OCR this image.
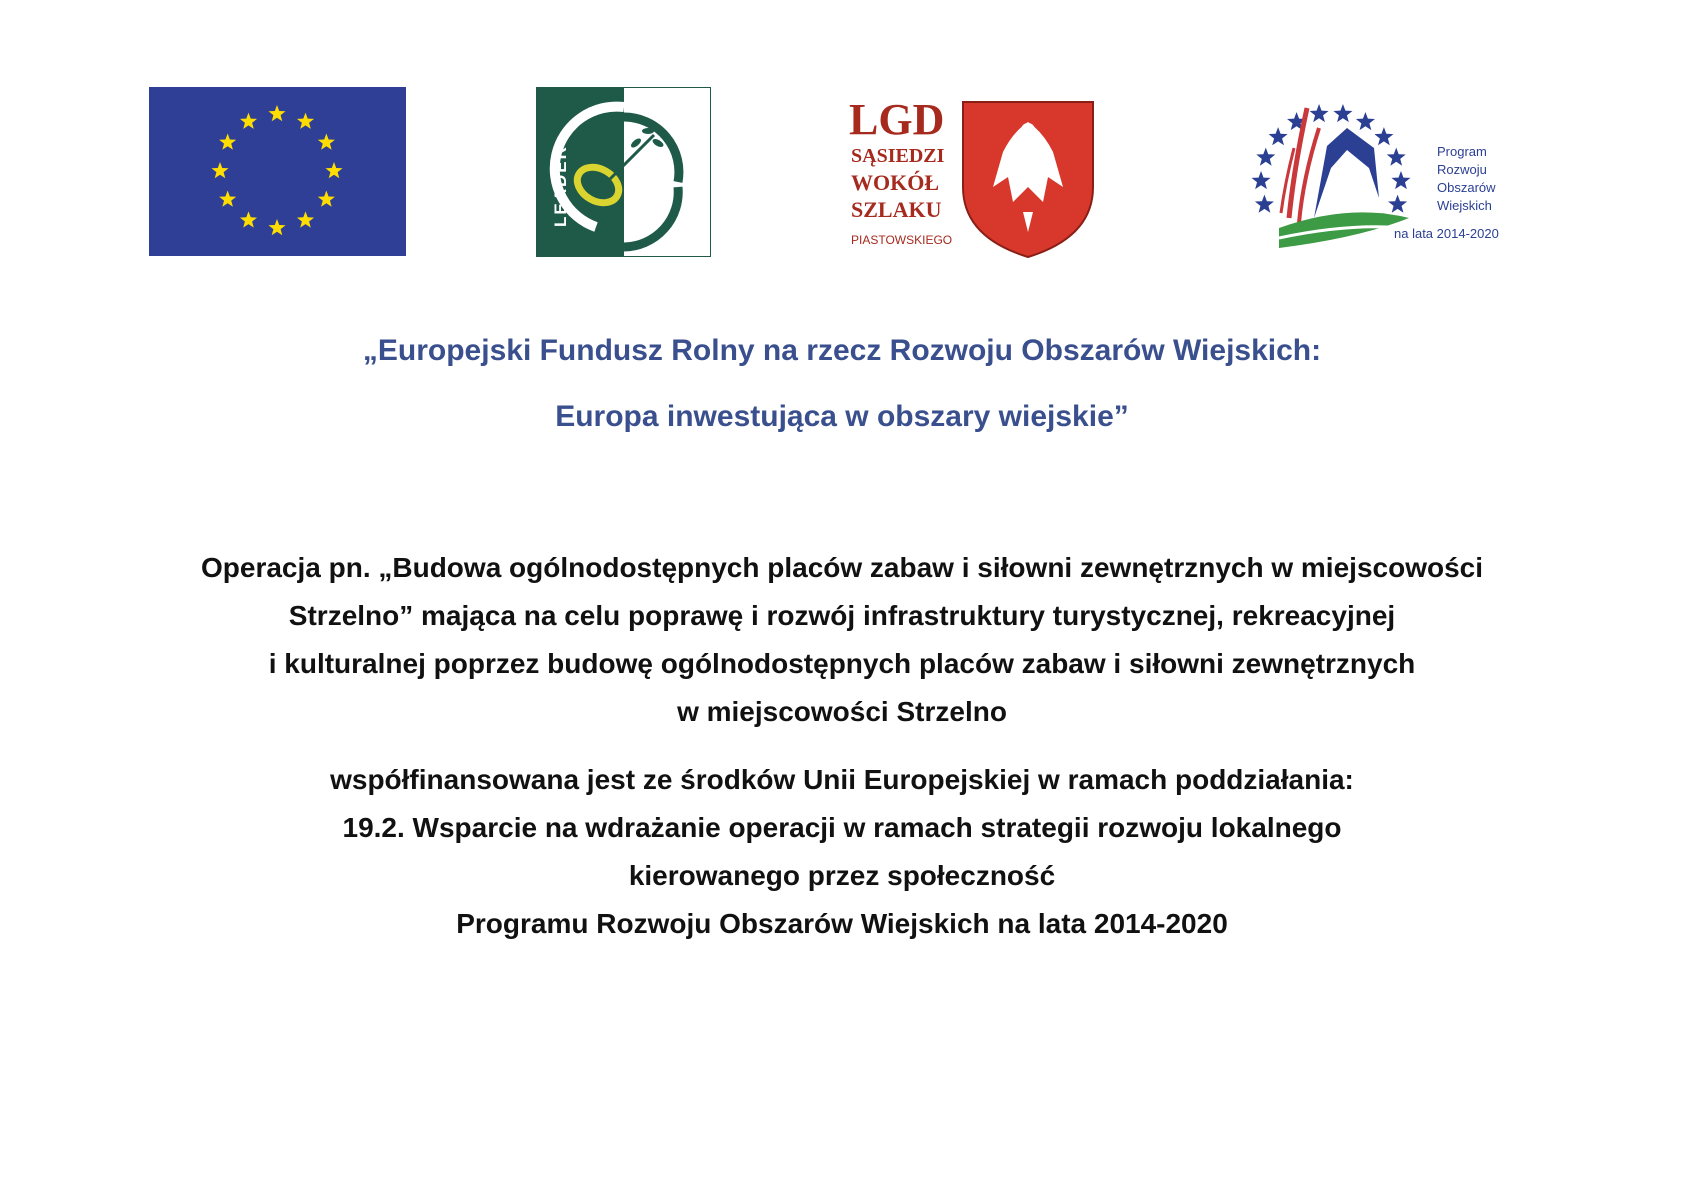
LEADER
LGD
SĄSIEDZI
WOKÓŁ
SZLAKU
PIASTOWSKIEGO
Program
Rozwoju
Obszarów
Wiejskich
na lata 2014-2020
„Europejski Fundusz Rolny na rzecz Rozwoju Obszarów Wiejskich:
Europa inwestująca w obszary wiejskie”
Operacja pn. „Budowa ogólnodostępnych placów zabaw i siłowni zewnętrznych w miejscowości
Strzelno” mająca na celu poprawę i rozwój infrastruktury turystycznej, rekreacyjnej
i kulturalnej poprzez budowę ogólnodostępnych placów zabaw i siłowni zewnętrznych
w miejscowości Strzelno
współfinansowana jest ze środków Unii Europejskiej w ramach poddziałania:
19.2. Wsparcie na wdrażanie operacji w ramach strategii rozwoju lokalnego
kierowanego przez społeczność
Programu Rozwoju Obszarów Wiejskich na lata 2014-2020
